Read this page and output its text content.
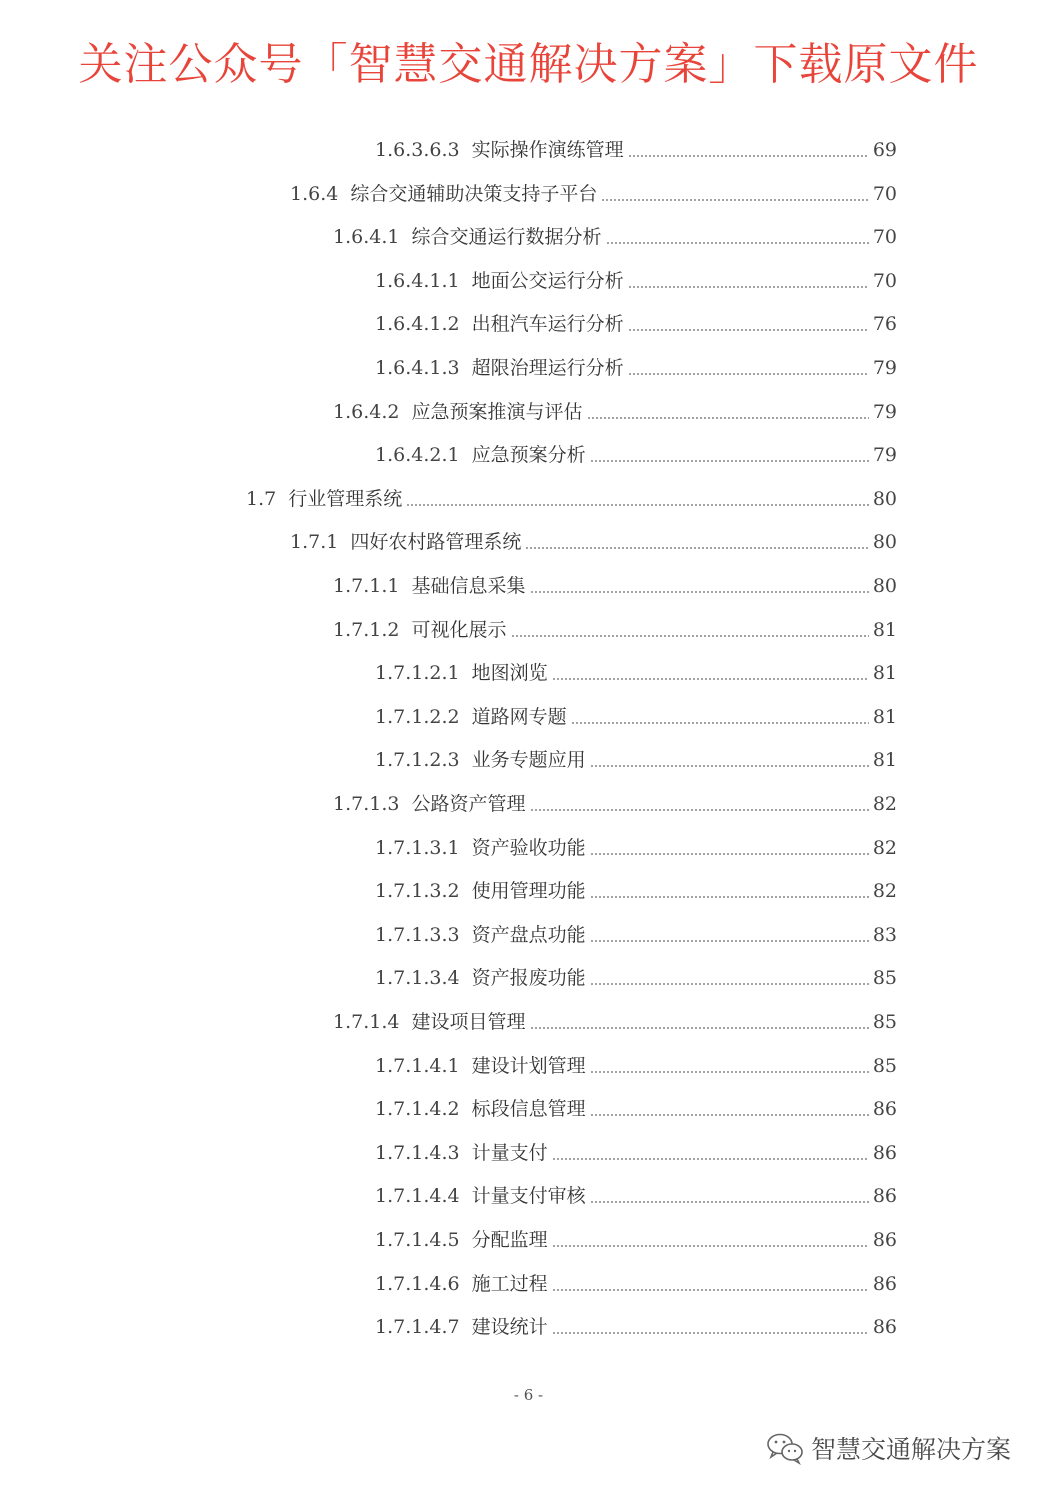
关注公众号「智慧交通解决方案」下载原文件
1.6.3.6.3 实际操作演练管理	69
1.6.4 综合交通辅助决策支持子平台	70
1.6.4.1 综合交通运行数据分析	70
1.6.4.1.1 地面公交运行分析	70
1.6.4.1.2 出租汽车运行分析	76
1.6.4.1.3 超限治理运行分析	79
1.6.4.2 应急预案推演与评估	79
1.6.4.2.1 应急预案分析	79
1.7 行业管理系统	80
1.7.1 四好农村路管理系统	80
1.7.1.1 基础信息采集	80
1.7.1.2 可视化展示	81
1.7.1.2.1 地图浏览	81
1.7.1.2.2 道路网专题	81
1.7.1.2.3 业务专题应用	81
1.7.1.3 公路资产管理	82
1.7.1.3.1 资产验收功能	82
1.7.1.3.2 使用管理功能	82
1.7.1.3.3 资产盘点功能	83
1.7.1.3.4 资产报废功能	85
1.7.1.4 建设项目管理	85
1.7.1.4.1 建设计划管理	85
1.7.1.4.2 标段信息管理	86
1.7.1.4.3 计量支付	86
1.7.1.4.4 计量支付审核	86
1.7.1.4.5 分配监理	86
1.7.1.4.6 施工过程	86
1.7.1.4.7 建设统计	86
- 6 -
智慧交通解决方案
